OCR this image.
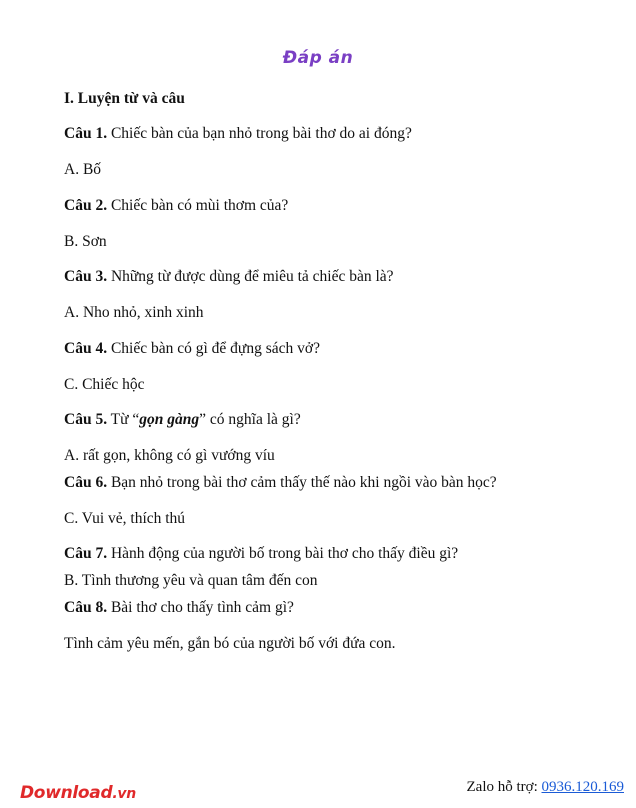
Đáp án
I. Luyện từ và câu
Câu 1. Chiếc bàn của bạn nhỏ trong bài thơ do ai đóng?
A. Bố
Câu 2. Chiếc bàn có mùi thơm của?
B. Sơn
Câu 3. Những từ được dùng để miêu tả chiếc bàn là?
A. Nho nhỏ, xinh xinh
Câu 4. Chiếc bàn có gì để đựng sách vở?
C. Chiếc hộc
Câu 5. Từ “gọn gàng” có nghĩa là gì?
A. rất gọn, không có gì vướng víu
Câu 6. Bạn nhỏ trong bài thơ cảm thấy thế nào khi ngồi vào bàn học?
C. Vui vẻ, thích thú
Câu 7. Hành động của người bố trong bài thơ cho thấy điều gì?
B. Tình thương yêu và quan tâm đến con
Câu 8. Bài thơ cho thấy tình cảm gì?
Tình cảm yêu mến, gắn bó của người bố với đứa con.
Download.vn	Zalo hỗ trợ: 0936.120.169
